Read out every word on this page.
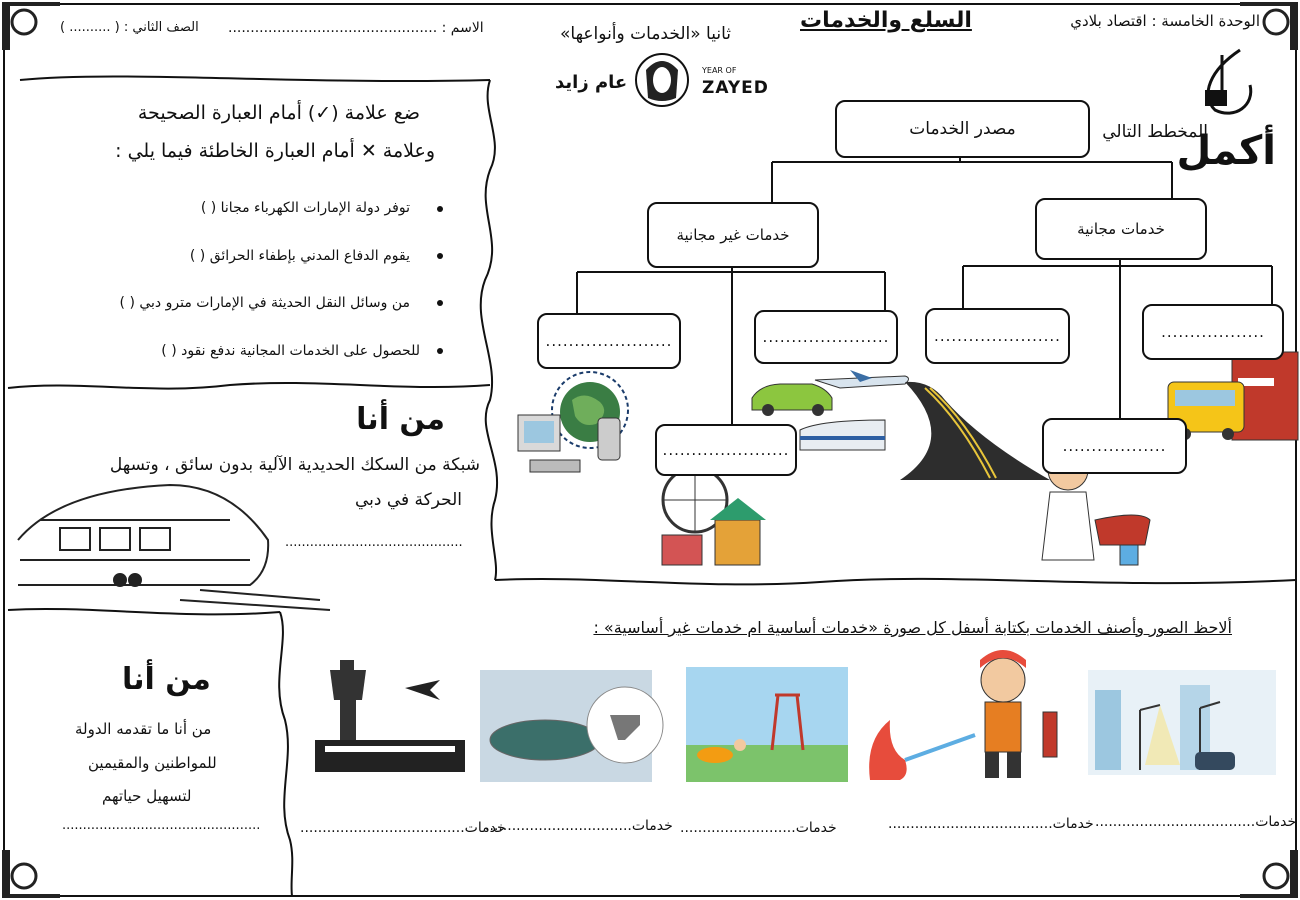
الوحدة الخامسة : اقتصاد بلادي
السلع والخدمات
ثانيا «الخدمات وأنواعها»
الاسم : ...............................................
الصف الثاني : ( .......... )
YEAR OF
ZAYED
عام زايد
أكمل
المخطط التالي
مصدر الخدمات
خدمات غير مجانية	خدمات مجانية
......................	......................
......................
......................	..................
..................
ضع علامة (✓) أمام العبارة الصحيحة
وعلامة ✕ أمام العبارة الخاطئة فيما يلي :
توفر دولة الإمارات الكهرباء مجانا ( )
يقوم الدفاع المدني بإطفاء الحرائق ( )
من وسائل النقل الحديثة في الإمارات مترو دبي ( )
للحصول على الخدمات المجانية ندفع نقود ( )
من أنا
شبكة من السكك الحديدية الآلية بدون سائق ، وتسهل
الحركة في دبي
...........................................
من أنا
من أنا ما تقدمه الدولة
للمواطنين والمقيمين
لتسهيل حياتهم
................................................
ألاحظ الصور وأصنف الخدمات بكتابة أسفل كل صورة «خدمات أساسية ام خدمات غير أساسية» :
خدمات....................................
خدمات.....................................
خدمات..........................
خدمات.................................
خدمات.....................................
